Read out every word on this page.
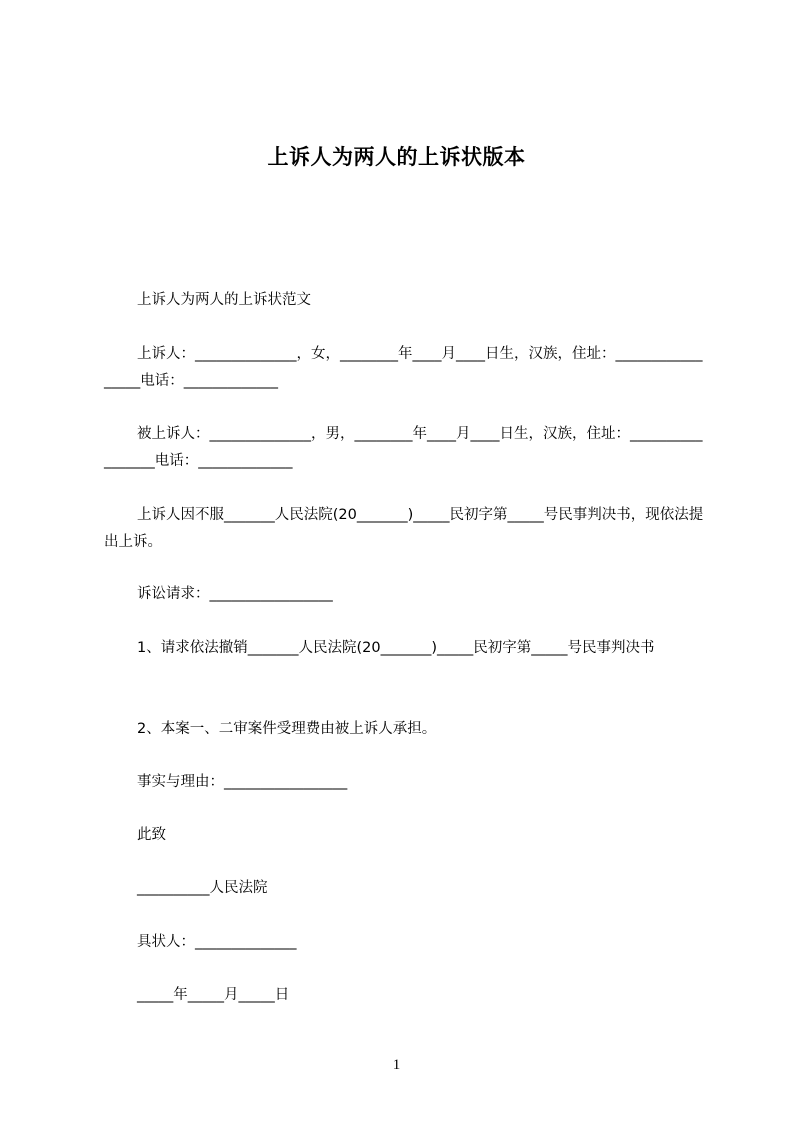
上诉人为两人的上诉状版本
上诉人为两人的上诉状范文
上诉人：______________，女，________年____月____日生，汉族，住址：_________________电话：_____________
被上诉人：______________，男，________年____月____日生，汉族，住址：_________________电话：_____________
上诉人因不服_______人民法院(20_______)_____民初字第_____号民事判决书，现依法提出上诉。
诉讼请求：_________________
1、请求依法撤销_______人民法院(20_______)_____民初字第_____号民事判决书
2、本案一、二审案件受理费由被上诉人承担。
事实与理由：_________________
此致
__________人民法院
具状人：______________
_____年_____月_____日
1
